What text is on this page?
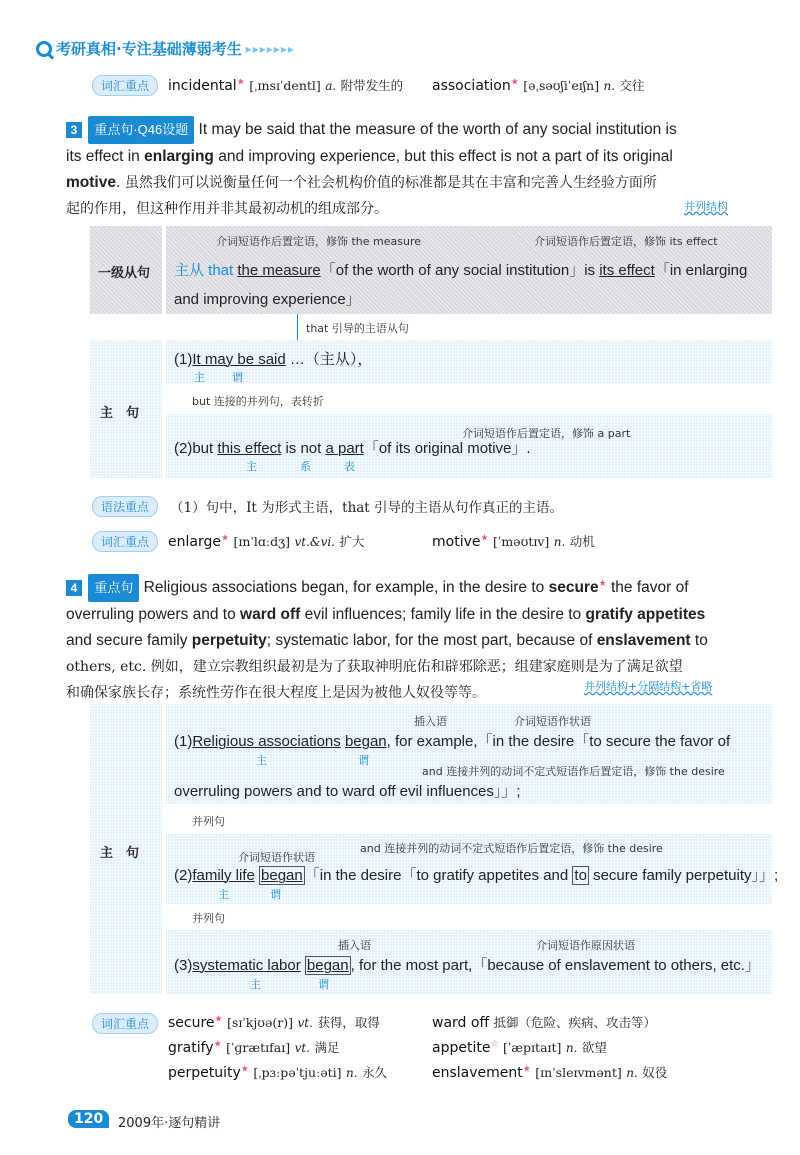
考研真相·专注基础薄弱考生 ▸▸▸▸▸▸▸
词汇重点	incidental★ [ˌɪnsɪˈdentl] a. 附带发生的 association★ [əˌsəʊʃiˈeɪʃn] n. 交往
3 重点句·Q46设题 It may be said that the measure of the worth of any social institution is
its effect in enlarging and improving experience, but this effect is not a part of its original
motive. 虽然我们可以说衡量任何一个社会机构价值的标准都是其在丰富和完善人生经验方面所
起的作用，但这种作用并非其最初动机的组成部分。	并列结构
一级从句
介词短语作后置定语，修饰 the measure	介词短语作后置定语，修饰 its effect
主从 that the measure「of the worth of any social institution」is its effect「in enlarging
and improving experience」
that 引导的主语从句
主　句
(1)It may be said …（主从），
主 谓
but 连接的并列句，表转折
介词短语作后置定语，修饰 a part
(2)but this effect is not a part「of its original motive」.
主	系	表
语法重点	（1）句中，It 为形式主语，that 引导的主语从句作真正的主语。
词汇重点	enlarge★ [ɪnˈlɑːdʒ] vt.&vi. 扩大	motive★ [ˈməʊtɪv] n. 动机
4 重点句 Religious associations began, for example, in the desire to secure★ the favor of
overruling powers and to ward off evil influences; family life in the desire to gratify appetites
and secure family perpetuity; systematic labor, for the most part, because of enslavement to
others, etc. 例如，建立宗教组织最初是为了获取神明庇佑和辟邪除恶；组建家庭则是为了满足欲望
和确保家族长存；系统性劳作在很大程度上是因为被他人奴役等等。	并列结构+分隔结构+省略
主　句
插入语	介词短语作状语
(1)Religious associations began, for example,「in the desire「to secure the favor of
主	谓
and 连接并列的动词不定式短语作后置定语，修饰 the desire
overruling powers and to ward off evil influences」」;
并列句
and 连接并列的动词不定式短语作后置定语，修饰 the desire
介词短语作状语
(2)family life began 「in the desire「to gratify appetites and to secure family perpetuity」」;
主	谓
并列句
插入语	介词短语作原因状语
(3)systematic labor began , for the most part,「because of enslavement to others, etc.」
主	谓
词汇重点	secure★ [sɪˈkjʊə(r)] vt. 获得，取得	ward off 抵御（危险、疾病、攻击等）
gratify★ [ˈɡrætɪfaɪ] vt. 满足	appetite☆ [ˈæpɪtaɪt] n. 欲望
perpetuity★ [ˌpɜːpəˈtjuːəti] n. 永久	enslavement★ [ɪnˈsleɪvmənt] n. 奴役
120	2009年·逐句精讲
